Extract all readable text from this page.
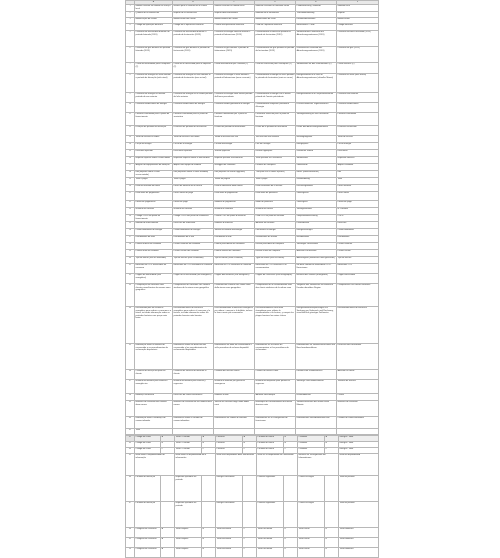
	A	B	C	D	E	F
1	Moeda corrente ou moeda em licença local	Normal para el instituto de la cuenta	Moneta corrente ou moeda local	Monnaie corrente ou monnaie locale	Landeswährung / Moneda	Moneda local
2	Quantia de la transacción	Importe de la transacción	Importo della transazione	Montant de la transaction	Transaktionsbetrag	Importe
3	Identificação do cliente	Identificación del cliente	Identificazione del cliente	Identification du client	Kundenidentifikation	Identificación
4	Código da operação bancária	Código de la operación bancaria	Codice dell'operazione bancaria	Code de l'opération bancaire	Bankleitzahl / Code	Código bancario
5	Consumo de electricidad durante um período faturado (2019)	Consumo de electricidad durante el período de facturación (2019)	Consumo di energia elettrica durante il periodo di fatturazione (2019)	Consommation d'électricité pendant la période de facturation (2019)	Stromverbrauch während des Abrechnungszeitraums (2019)	Consumo eléctrico facturado (2019)
6	Consumo de gás durante um período faturado (2019)	Consumo de gas durante el período de facturación (2019)	Consumo di gas durante il periodo di fatturazione (2019)	Consommation de gaz pendant la période de facturation (2019)	Gasverbrauch während des Abrechnungszeitraums (2019)	Consumo de gas (2019)
7	Custo de eletricidade para a empresa (€)	Coste de la electricidad para la empresa (€)	Costo dell'elettricità per l'azienda (€)	Coût de l'électricité pour l'entreprise (€)	Stromkosten für das Unternehmen (€)	Coste eléctrico (€)
8	Consumo de energia em kWh durante o período de faturação (mês atual)	Consumo de energía en kWh durante el período de facturación (mes actual)	Consumo di energia in kWh durante il periodo di fatturazione (mese corrente)	Consommation d'énergie en kWh pendant la période de facturation (mois en cours)	Energieverbrauch in kWh im Abrechnungszeitraum (aktueller Monat)	Consumo en kWh (mes actual)
9	Consumo de energia no mesmo período do ano anterior	Consumo de energía en el mismo período del año anterior	Consumo di energia nello stesso periodo dell'anno precedente	Consommation d'énergie sur la même période de l'année précédente	Energieverbrauch im Vorjahreszeitraum	Consumo año anterior
10	Consumo médio diário de energia	Consumo medio diario de energía	Consumo medio giornaliero di energia	Consommation moyenne journalière d'énergie	Durchschnittlicher Tagesverbrauch	Consumo medio diario
11	Potência contratada para o ponto de fornecimento	Potencia contratada para el punto de suministro	Potenza contrattuale per il punto di fornitura	Puissance souscrite pour le point de livraison	Vertragsleistung für die Lieferstelle	Potencia contratada
12	Duração do período de faturação	Duración del período de facturación	Durata del periodo di fatturazione	Durée de la période de facturation	Dauer des Abrechnungszeitraums	Duración facturación
13	Tarifa de acesso às redes	Tarifa de acceso a las redes	Tariffa di accesso alle reti	Tarif d'accès aux réseaux	Netzzugangstarif	Tarifa de acceso
14	Preço da energia	Precio de la energía	Prezzo dell'energia	Prix de l'énergie	Energiepreis	Precio energía
15	Desconto aplicado	Descuento aplicado	Sconto applicato	Remise appliquée	Gewährter Rabatt	Descuento
16	Imposto especial sobre a eletricidade	Impuesto especial sobre la electricidad	Imposta speciale sull'elettricità	Taxe spéciale sur l'électricité	Stromsteuer	Impuesto eléctrico
17	Aluguer do equipamento de medição	Alquiler del equipo de medida	Noleggio del contatore	Location du compteur	Zählermiete	Alquiler contador
18	IVA (imposto sobre o valor acrescentado)	IVA (impuesto sobre el valor añadido)	IVA (imposta sul valore aggiunto)	TVA (taxe sur la valeur ajoutée)	MwSt. (Mehrwertsteuer)	IVA
19	Total a pagar	Total a pagar	Totale da pagare	Total à payer	Gesamtbetrag	Total
20	Data de emissão da fatura	Fecha de emisión de la factura	Data di emissione della fattura	Date d'émission de la facture	Rechnungsdatum	Fecha emisión
21	Data limite de pagamento	Fecha límite de pago	Data limite di pagamento	Date limite de paiement	Zahlungsfrist	Fecha límite
22	Forma de pagamento	Forma de pago	Modalità di pagamento	Mode de paiement	Zahlungsart	Forma de pago
23	Número de contrato	Número de contrato	Numero di contratto	Numéro de contrat	Vertragsnummer	Nº contrato
24	Código CUPS do ponto de fornecimento	Código CUPS del punto de suministro	Codice POD del punto di fornitura	Code PDL du point de livraison	Zählpunktbezeichnung	CUPS
25	Morada de fornecimento	Dirección de suministro	Indirizzo di fornitura	Adresse de livraison	Lieferadresse	Dirección
26	Comercializadora de energia	Comercializadora de energía	Società di vendita dell'energia	Fournisseur d'énergie	Energieversorger	Comercializadora
27	Distribuidora da rede	Distribuidora de la red	Distributore di rete	Gestionnaire du réseau	Netzbetreiber	Distribuidora
28	Leitura anterior do contador	Lectura anterior del contador	Lettura precedente del contatore	Relevé précédent du compteur	Vorheriger Zählerstand	Lectura anterior
29	Leitura atual do contador	Lectura actual del contador	Lettura attuale del contatore	Relevé actuel du compteur	Aktueller Zählerstand	Lectura actual
30	Tipo de leitura (real ou estimada)	Tipo de lectura (real o estimada)	Tipo di lettura (reale o stimata)	Type de relevé (réel ou estimé)	Ablesungsart (tatsächlich oder geschätzt)	Tipo de lectura
31	Emissões de CO2 associadas ao consumo	Emisiones de CO2 asociadas al consumo	Emissioni di CO2 associate al consumo	Émissions de CO2 associées à la consommation	Mit dem Verbrauch verbundene CO2-Emissionen	Emisiones CO2
32	Origem da eletricidade (mix energético)	Origen de la electricidad (mix energético)	Origine dell'elettricità (mix energetico)	Origine de l'électricité (mix énergétique)	Herkunft des Stroms (Energiemix)	Origen electricidad
33	Comparação do consumo com clientes semelhantes da mesma zona geográfica	Comparación del consumo con clientes similares de la misma zona geográfica	Confronto dei consumi con clienti simili della stessa area geografica	Comparaison de la consommation avec des clients similaires de la même zone	Vergleich des Verbrauchs mit ähnlichen Kunden derselben Region	Comparación con clientes similares
34	Recomendações de eficiência energética para reduzir o consumo e a fatura, incluindo informação sobre os períodos horários com preço mais baixo	Recomendaciones de eficiencia energética para reducir el consumo y la factura, incluida información sobre los periodos horarios más baratos	Raccomandazioni di efficienza energetica per ridurre i consumi e la bolletta, incluse le fasce orarie più economiche	Recommandations d'efficacité énergétique pour réduire la consommation et la facture, y compris les plages horaires les moins chères	Energieeffizienzempfehlungen zur Senkung von Verbrauch und Rechnung, einschließlich günstiger Zeitfenster	Recomendaciones de eficiencia
35	Informação sobre os direitos do consumidor e os procedimentos de reclamação disponíveis	Información sobre los derechos del consumidor y los procedimientos de reclamación disponibles	Informazioni sui diritti del consumatore e sulle procedure di reclamo disponibili	Informations sur les droits du consommateur et les procédures de réclamation	Informationen zu Verbraucherrechten und Beschwerdeverfahren	Derechos del consumidor
36	Contacto do serviço de apoio ao cliente	Contacto del servicio de atención al cliente	Contatto del servizio clienti	Contact du service client	Kontakt zum Kundenservice	Atención al cliente
37	Número de telefone para avarias e emergências	Número de teléfono para averías y urgencias	Numero di telefono per guasti ed emergenze	Numéro de téléphone pour pannes et urgences	Störungs- und Notfallnummer	Teléfono de averías
38	Endereço eletrónico	Dirección de correo electrónico	Indirizzo e-mail	Adresse électronique	E-Mail-Adresse	Correo
39	Histórico de consumo dos últimos doze meses	Histórico de consumo de los últimos doce meses	Storico dei consumi degli ultimi dodici mesi	Historique de consommation des douze derniers mois	Verbrauchsverlauf der letzten zwölf Monate	Histórico de consumo
40	Informação sobre a mudança de comercializador	Información sobre el cambio de comercializadora	Informazioni sul cambio di fornitore	Informations sur le changement de fournisseur	Informationen zum Anbieterwechsel	Cambio de comercializadora
41	Total					
42	Código de conta	A	Tarifa / Período	A	Potencia	A	Período de leitura	B	Contador	A	Energía / Valor
43	Código de conta	B	Tarifa / Período	B	Potencia	B	Período de leitura	B	Contador	B	Energía / Valor
44	Código de conta	C	Tarifa / Período	C	Potencia	C	Período de leitura	C	Contador	C	Energía / Valor
45	Nota sobre a disponibilidade da informação		Nota sobre la disponibilidad de la información		Nota sulla disponibilità delle informazioni		Note sur la disponibilité de l'information		Hinweis zur Verfügbarkeit der Informationen		Nota de disponibilidad
46	Período de faturação		Impostos aplicados no período		Energia consumida		Leituras registadas		Outros encargos		Total do período
47	Período de faturação		Impostos aplicados no período		Energia consumida		Leituras registadas		Outros encargos		Total do período
48	Categoria de consumo	A	Tarifa simples	B	Tarifa bi-horária	C	Tarifa tri-horária	D	Tarifa social	E	Tarifa dinâmica
49	Categoria de consumo	A	Tarifa simples	B	Tarifa bi-horária	C	Tarifa tri-horária	D	Tarifa social	E	Tarifa dinâmica
50	Categoria de consumo	A	Tarifa simples	B	Tarifa bi-horária	C	Tarifa tri-horária	D	Tarifa social	E	Tarifa dinâmica
